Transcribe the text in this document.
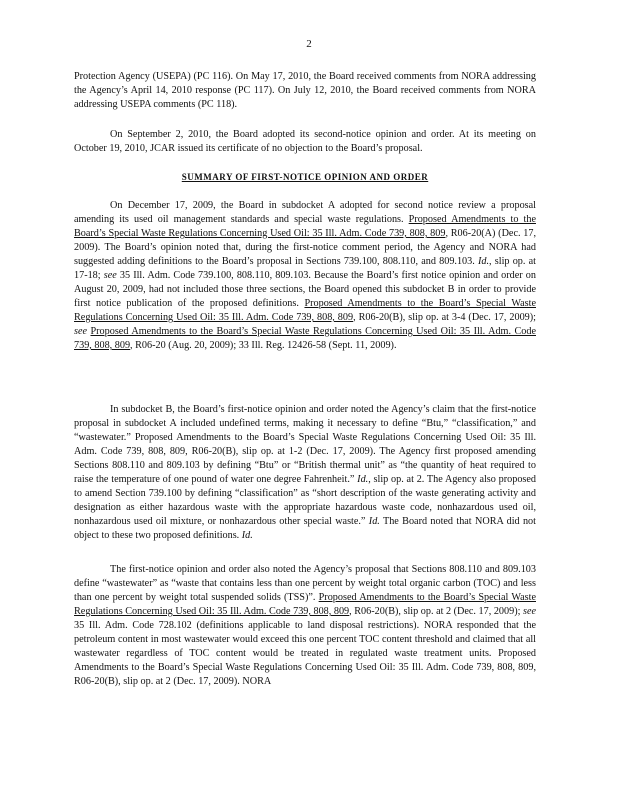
2
Protection Agency (USEPA) (PC 116). On May 17, 2010, the Board received comments from NORA addressing the Agency’s April 14, 2010 response (PC 117). On July 12, 2010, the Board received comments from NORA addressing USEPA comments (PC 118).
On September 2, 2010, the Board adopted its second-notice opinion and order. At its meeting on October 19, 2010, JCAR issued its certificate of no objection to the Board’s proposal.
SUMMARY OF FIRST-NOTICE OPINION AND ORDER
On December 17, 2009, the Board in subdocket A adopted for second notice review a proposal amending its used oil management standards and special waste regulations. Proposed Amendments to the Board’s Special Waste Regulations Concerning Used Oil: 35 Ill. Adm. Code 739, 808, 809, R06-20(A) (Dec. 17, 2009). The Board’s opinion noted that, during the first-notice comment period, the Agency and NORA had suggested adding definitions to the Board’s proposal in Sections 739.100, 808.110, and 809.103. Id., slip op. at 17-18; see 35 Ill. Adm. Code 739.100, 808.110, 809.103. Because the Board’s first notice opinion and order on August 20, 2009, had not included those three sections, the Board opened this subdocket B in order to provide first notice publication of the proposed definitions. Proposed Amendments to the Board’s Special Waste Regulations Concerning Used Oil: 35 Ill. Adm. Code 739, 808, 809, R06-20(B), slip op. at 3-4 (Dec. 17, 2009); see Proposed Amendments to the Board’s Special Waste Regulations Concerning Used Oil: 35 Ill. Adm. Code 739, 808, 809, R06-20 (Aug. 20, 2009); 33 Ill. Reg. 12426-58 (Sept. 11, 2009).
In subdocket B, the Board’s first-notice opinion and order noted the Agency’s claim that the first-notice proposal in subdocket A included undefined terms, making it necessary to define “Btu,” “classification,” and “wastewater.” Proposed Amendments to the Board’s Special Waste Regulations Concerning Used Oil: 35 Ill. Adm. Code 739, 808, 809, R06-20(B), slip op. at 1-2 (Dec. 17, 2009). The Agency first proposed amending Sections 808.110 and 809.103 by defining “Btu” or “British thermal unit” as “the quantity of heat required to raise the temperature of one pound of water one degree Fahrenheit.” Id., slip op. at 2. The Agency also proposed to amend Section 739.100 by defining “classification” as “short description of the waste generating activity and designation as either hazardous waste with the appropriate hazardous waste code, nonhazardous used oil, nonhazardous used oil mixture, or nonhazardous other special waste.” Id. The Board noted that NORA did not object to these two proposed definitions. Id.
The first-notice opinion and order also noted the Agency’s proposal that Sections 808.110 and 809.103 define “wastewater” as “waste that contains less than one percent by weight total organic carbon (TOC) and less than one percent by weight total suspended solids (TSS)”. Proposed Amendments to the Board’s Special Waste Regulations Concerning Used Oil: 35 Ill. Adm. Code 739, 808, 809, R06-20(B), slip op. at 2 (Dec. 17, 2009); see 35 Ill. Adm. Code 728.102 (definitions applicable to land disposal restrictions). NORA responded that the petroleum content in most wastewater would exceed this one percent TOC content threshold and claimed that all wastewater regardless of TOC content would be treated in regulated waste treatment units. Proposed Amendments to the Board’s Special Waste Regulations Concerning Used Oil: 35 Ill. Adm. Code 739, 808, 809, R06-20(B), slip op. at 2 (Dec. 17, 2009). NORA
